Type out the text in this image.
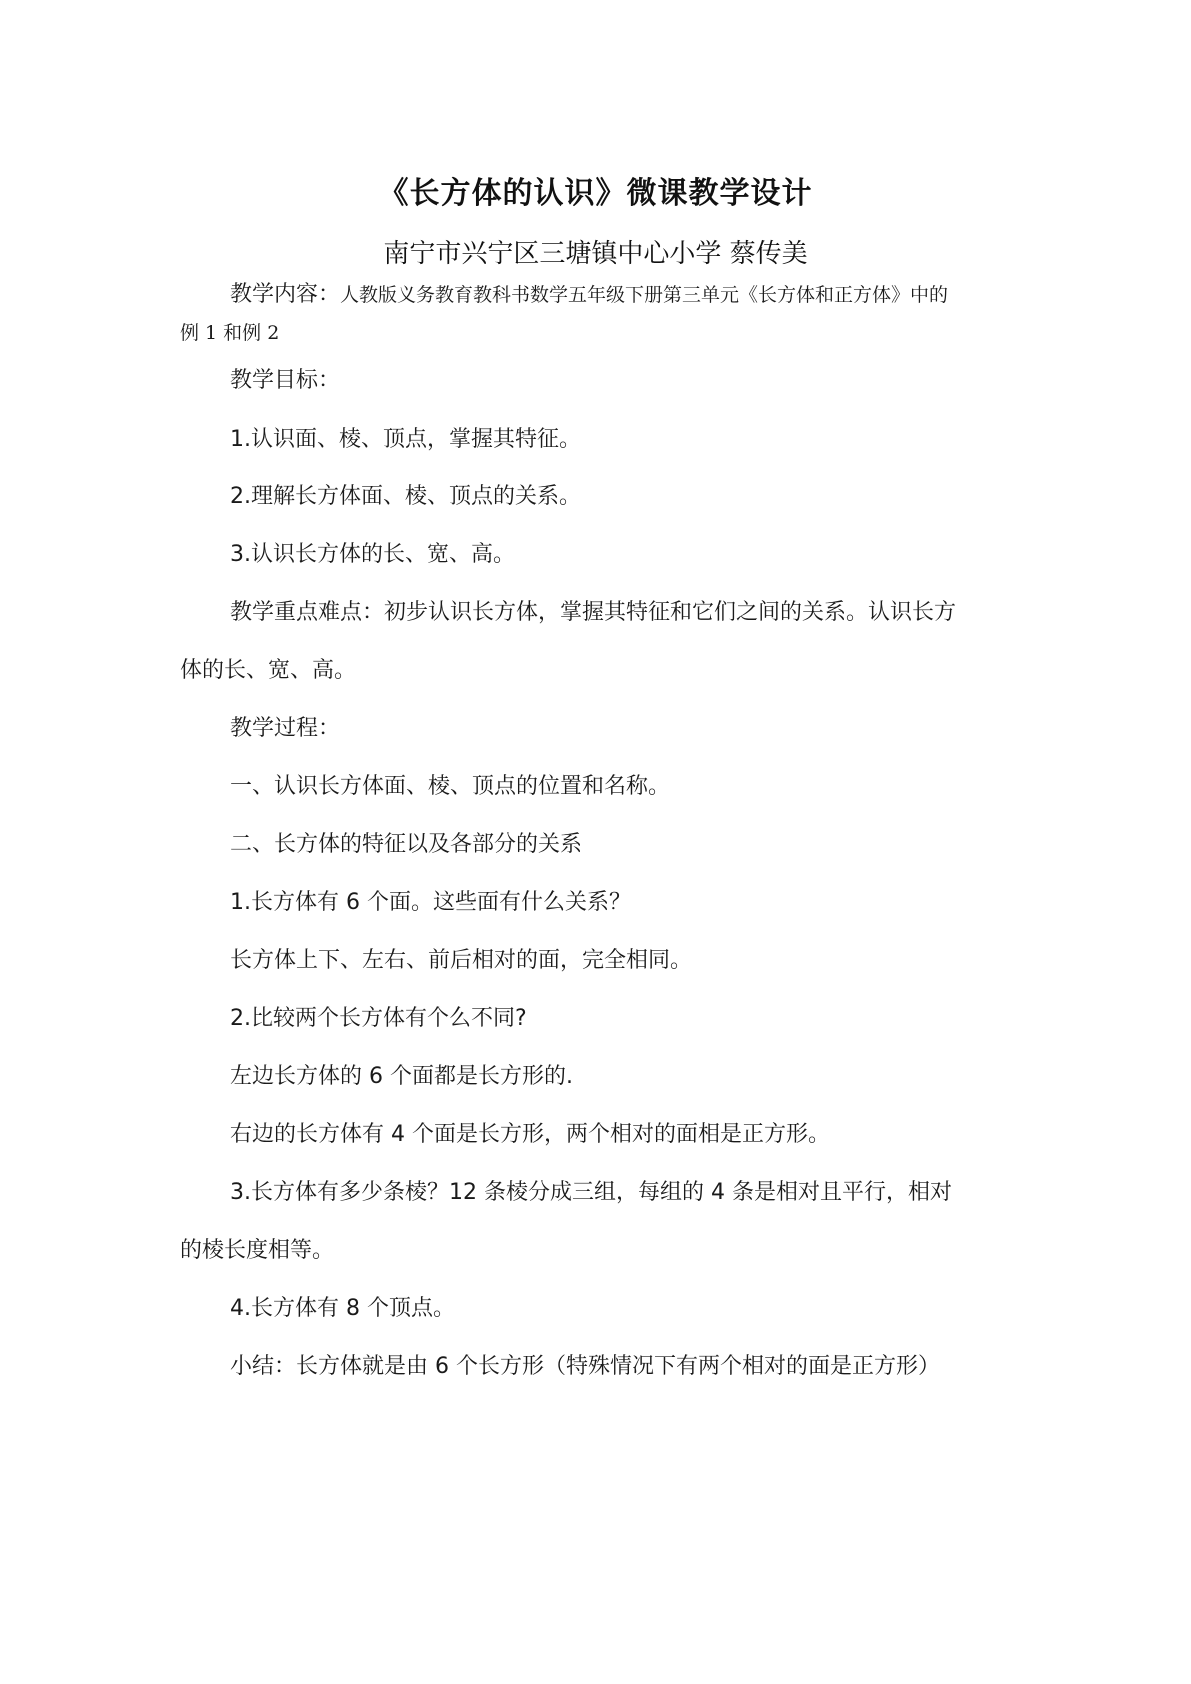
《长方体的认识》微课教学设计

南宁市兴宁区三塘镇中心小学 蔡传美

教学内容：人教版义务教育教科书数学五年级下册第三单元《长方体和正方体》中的

例 1 和例 2

教学目标：

1.认识面、棱、顶点，掌握其特征。

2.理解长方体面、棱、顶点的关系。

3.认识长方体的长、宽、高。

教学重点难点：初步认识长方体，掌握其特征和它们之间的关系。认识长方

体的长、宽、高。

教学过程：

一、认识长方体面、棱、顶点的位置和名称。

二、长方体的特征以及各部分的关系

1.长方体有 6 个面。这些面有什么关系？

长方体上下、左右、前后相对的面，完全相同。

2.比较两个长方体有个么不同?

左边长方体的 6 个面都是长方形的.

右边的长方体有 4 个面是长方形，两个相对的面相是正方形。

3.长方体有多少条棱？12 条棱分成三组，每组的 4 条是相对且平行，相对

的棱长度相等。

4.长方体有 8 个顶点。

小结：长方体就是由 6 个长方形（特殊情况下有两个相对的面是正方形）
